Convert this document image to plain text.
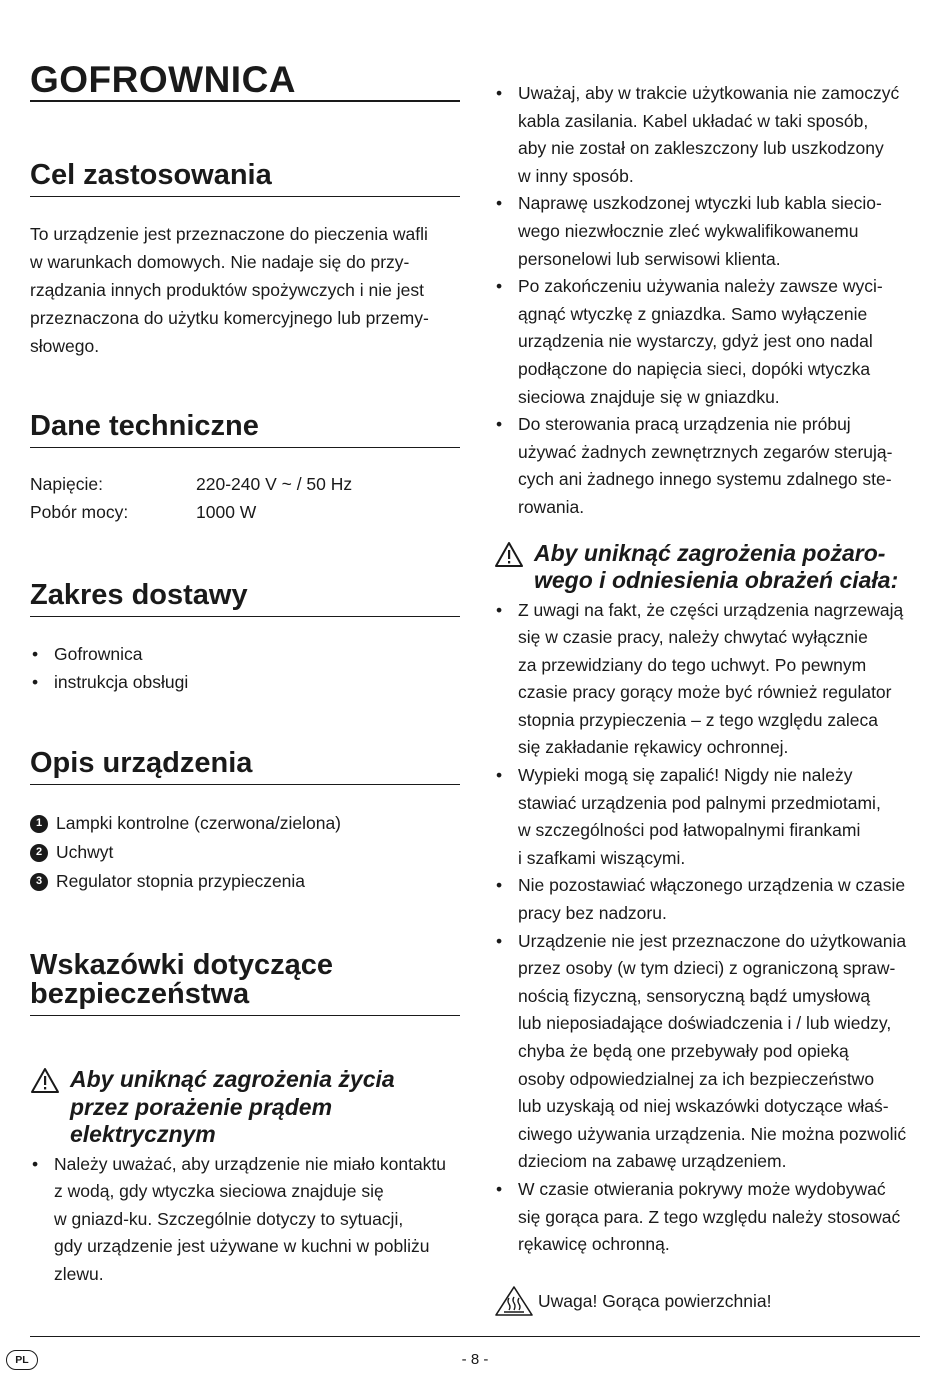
GOFROWNICA
Cel zastosowania
To urządzenie jest przeznaczone do pieczenia wafli
w warunkach domowych. Nie nadaje się do przy-
rządzania innych produktów spożywczych i nie jest
przeznaczona do użytku komercyjnego lub przemy-
słowego.
Dane techniczne
Napięcie:	220-240 V ~ / 50 Hz
Pobór mocy:	1000 W
Zakres dostawy
• Gofrownica
• instrukcja obsługi
Opis urządzenia
1 Lampki kontrolne (czerwona/zielona)
2 Uchwyt
3 Regulator stopnia przypieczenia
Wskazówki dotyczące
bezpieczeństwa
Aby uniknąć zagrożenia życia
przez porażenie prądem
elektrycznym
• Należy uważać, aby urządzenie nie miało kontaktu
z wodą, gdy wtyczka sieciowa znajduje się
w gniazd-ku. Szczególnie dotyczy to sytuacji,
gdy urządzenie jest używane w kuchni w pobliżu
zlewu.
• Uważaj, aby w trakcie użytkowania nie zamoczyć
kabla zasilania. Kabel układać w taki sposób,
aby nie został on zakleszczony lub uszkodzony
w inny sposób.
• Naprawę uszkodzonej wtyczki lub kabla sieciо-
wego niezwłocznie zleć wykwalifikowanemu
personelowi lub serwisowi klienta.
• Po zakończeniu używania należy zawsze wyci-
ągnąć wtyczkę z gniazdka. Samo wyłączenie
urządzenia nie wystarczy, gdyż jest ono nadal
podłączone do napięcia sieci, dopóki wtyczka
sieciowa znajduje się w gniazdku.
• Do sterowania pracą urządzenia nie próbuj
używać żadnych zewnętrznych zegarów sterują-
cych ani żadnego innego systemu zdalnego ste-
rowania.
Aby uniknąć zagrożenia pożaro-
wego i odniesienia obrażeń ciała:
• Z uwagi na fakt, że części urządzenia nagrzewają
się w czasie pracy, należy chwytać wyłącznie
za przewidziany do tego uchwyt. Po pewnym
czasie pracy gorący może być również regulator
stopnia przypieczenia – z tego względu zaleca
się zakładanie rękawicy ochronnej.
• Wypieki mogą się zapalić! Nigdy nie należy
stawiać urządzenia pod palnymi przedmiotami,
w szczególności pod łatwopalnymi firankami
i szafkami wiszącymi.
• Nie pozostawiać włączonego urządzenia w czasie
pracy bez nadzoru.
• Urządzenie nie jest przeznaczone do użytkowania
przez osoby (w tym dzieci) z ograniczoną spraw-
nością fizyczną, sensoryczną bądź umysłową
lub nieposiadające doświadczenia i / lub wiedzy,
chyba że będą one przebywały pod opieką
osoby odpowiedzialnej za ich bezpieczeństwo
lub uzyskają od niej wskazówki dotyczące właś-
ciwego używania urządzenia. Nie można pozwolić
dzieciom na zabawę urządzeniem.
• W czasie otwierania pokrywy może wydobywać
się gorąca para. Z tego względu należy stosować
rękawicę ochronną.
Uwaga! Gorąca powierzchnia!
PL	- 8 -
